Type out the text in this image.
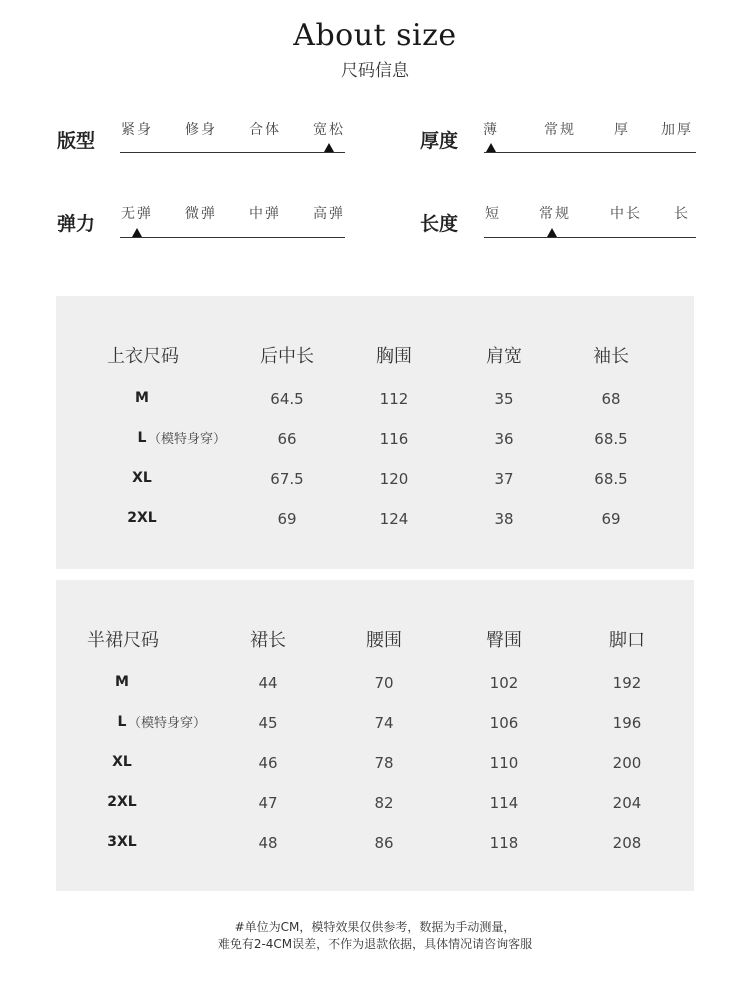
About size
尺码信息
版型 紧身 修身 合体 宽松	厚度 薄	常规	厚 加厚
弹力 无弹 微弹 中弹 高弹	长度 短	常规	中长 长
上衣尺码	后中长	胸围	肩宽	袖长
M	64.5	112	35	68
L （模特身穿）	66	116	36	68.5
XL	67.5	120	37	68.5
2XL	69	124	38	69
半裙尺码	裙长	腰围	臀围	脚口
M	44	70	102	192
L （模特身穿）	45	74	106	196
XL	46	78	110	200
2XL	47	82	114	204
3XL	48	86	118	208
#单位为CM，模特效果仅供参考，数据为手动测量，
难免有2-4CM误差，不作为退款依据，具体情况请咨询客服
